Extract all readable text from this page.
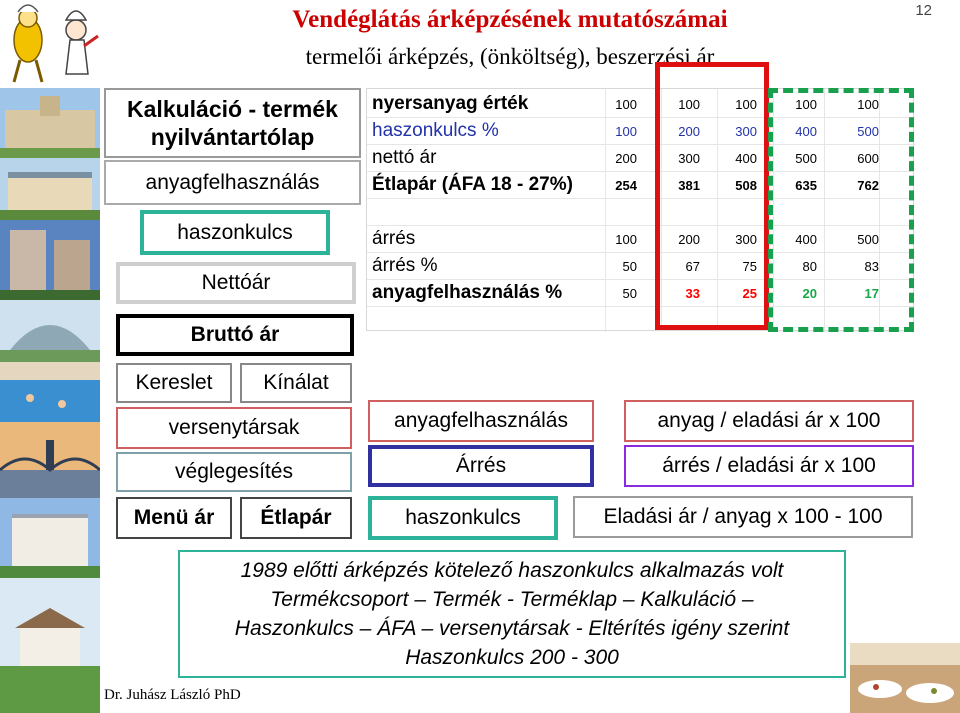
Vendéglátás árképzésének mutatószámai
termelői árképzés, (önköltség), beszerzési ár
12
Kalkuláció - termék
nyilvántartólap
anyagfelhasználás
haszonkulcs
Nettóár
Bruttó ár
Kereslet	Kínálat
versenytársak
véglegesítés
Menü ár	Étlapár
nyersanyag érték	100	100	100	100	100
haszonkulcs %	100	200	300	400	500
nettó ár	200	300	400	500	600
Étlapár (ÁFA 18 - 27%)	254	381	508	635	762
árrés	100	200	300	400	500
árrés %	50	67	75	80	83
anyagfelhasználás %	50	33	25	20	17
anyagfelhasználás
Árrés
haszonkulcs
anyag / eladási ár x 100
árrés / eladási ár x 100
Eladási ár / anyag x 100 - 100
1989 előtti árképzés kötelező haszonkulcs alkalmazás volt
Termékcsoport – Termék - Terméklap – Kalkuláció –
Haszonkulcs – ÁFA – versenytársak - Eltérítés igény szerint
Haszonkulcs 200 - 300
Dr. Juhász László PhD
